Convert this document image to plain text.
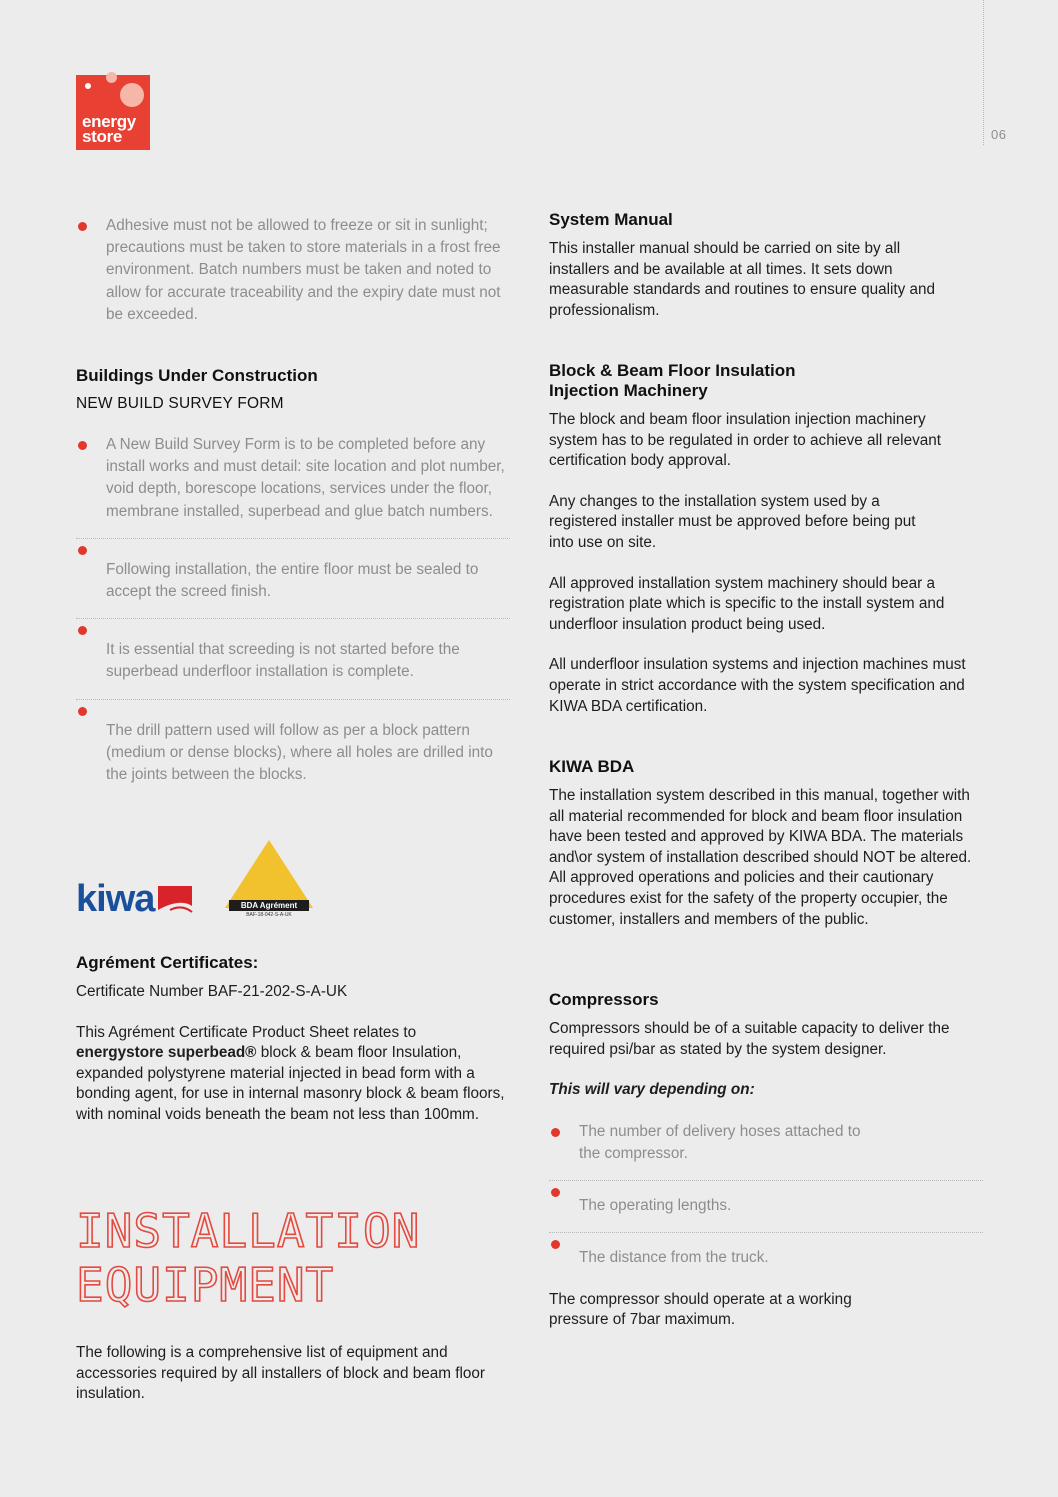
energy
store	06
Adhesive must not be allowed to freeze or sit in sunlight; precautions must be taken to store materials in a frost free environment. Batch numbers must be taken and noted to allow for accurate traceability and the expiry date must not be exceeded.
Buildings Under Construction
NEW BUILD SURVEY FORM
A New Build Survey Form is to be completed before any install works and must detail: site location and plot number, void depth, borescope locations, services under the floor, membrane installed, superbead and glue batch numbers.
Following installation, the entire floor must be sealed to accept the screed finish.
It is essential that screeding is not started before the superbead underfloor installation is complete.
The drill pattern used will follow as per a block pattern (medium or dense blocks), where all holes are drilled into the joints between the blocks.
kiwa	BDA Agrément
BAF-18-042-S-A-UK
Agrément Certificates:

Certificate Number BAF-21-202-S-A-UK

This Agrément Certificate Product Sheet relates to
energystore superbead® block & beam floor Insulation, expanded polystyrene material injected in bead form with a bonding agent, for use in internal masonry block & beam floors, with nominal voids beneath the beam not less than 100mm.

INSTALLATION
EQUIPMENT

The following is a comprehensive list of equipment and accessories required by all installers of block and beam floor insulation.

System Manual

This installer manual should be carried on site by all installers and be available at all times. It sets down measurable standards and routines to ensure quality and professionalism.

Block & Beam Floor Insulation
Injection Machinery

The block and beam floor insulation injection machinery system has to be regulated in order to achieve all relevant certification body approval.

Any changes to the installation system used by a registered installer must be approved before being put into use on site.

All approved installation system machinery should bear a registration plate which is specific to the install system and underfloor insulation product being used.

All underfloor insulation systems and injection machines must operate in strict accordance with the system specification and KIWA BDA certification.

KIWA BDA

The installation system described in this manual, together with all material recommended for block and beam floor insulation have been tested and approved by KIWA BDA. The materials and\or system of installation described should NOT be altered. All approved operations and policies and their cautionary procedures exist for the safety of the property occupier, the customer, installers and members of the public.

Compressors

Compressors should be of a suitable capacity to deliver the required psi/bar as stated by the system designer.

This will vary depending on:

The number of delivery hoses attached to the compressor.
The operating lengths.
The distance from the truck.

The compressor should operate at a working pressure of 7bar maximum.
